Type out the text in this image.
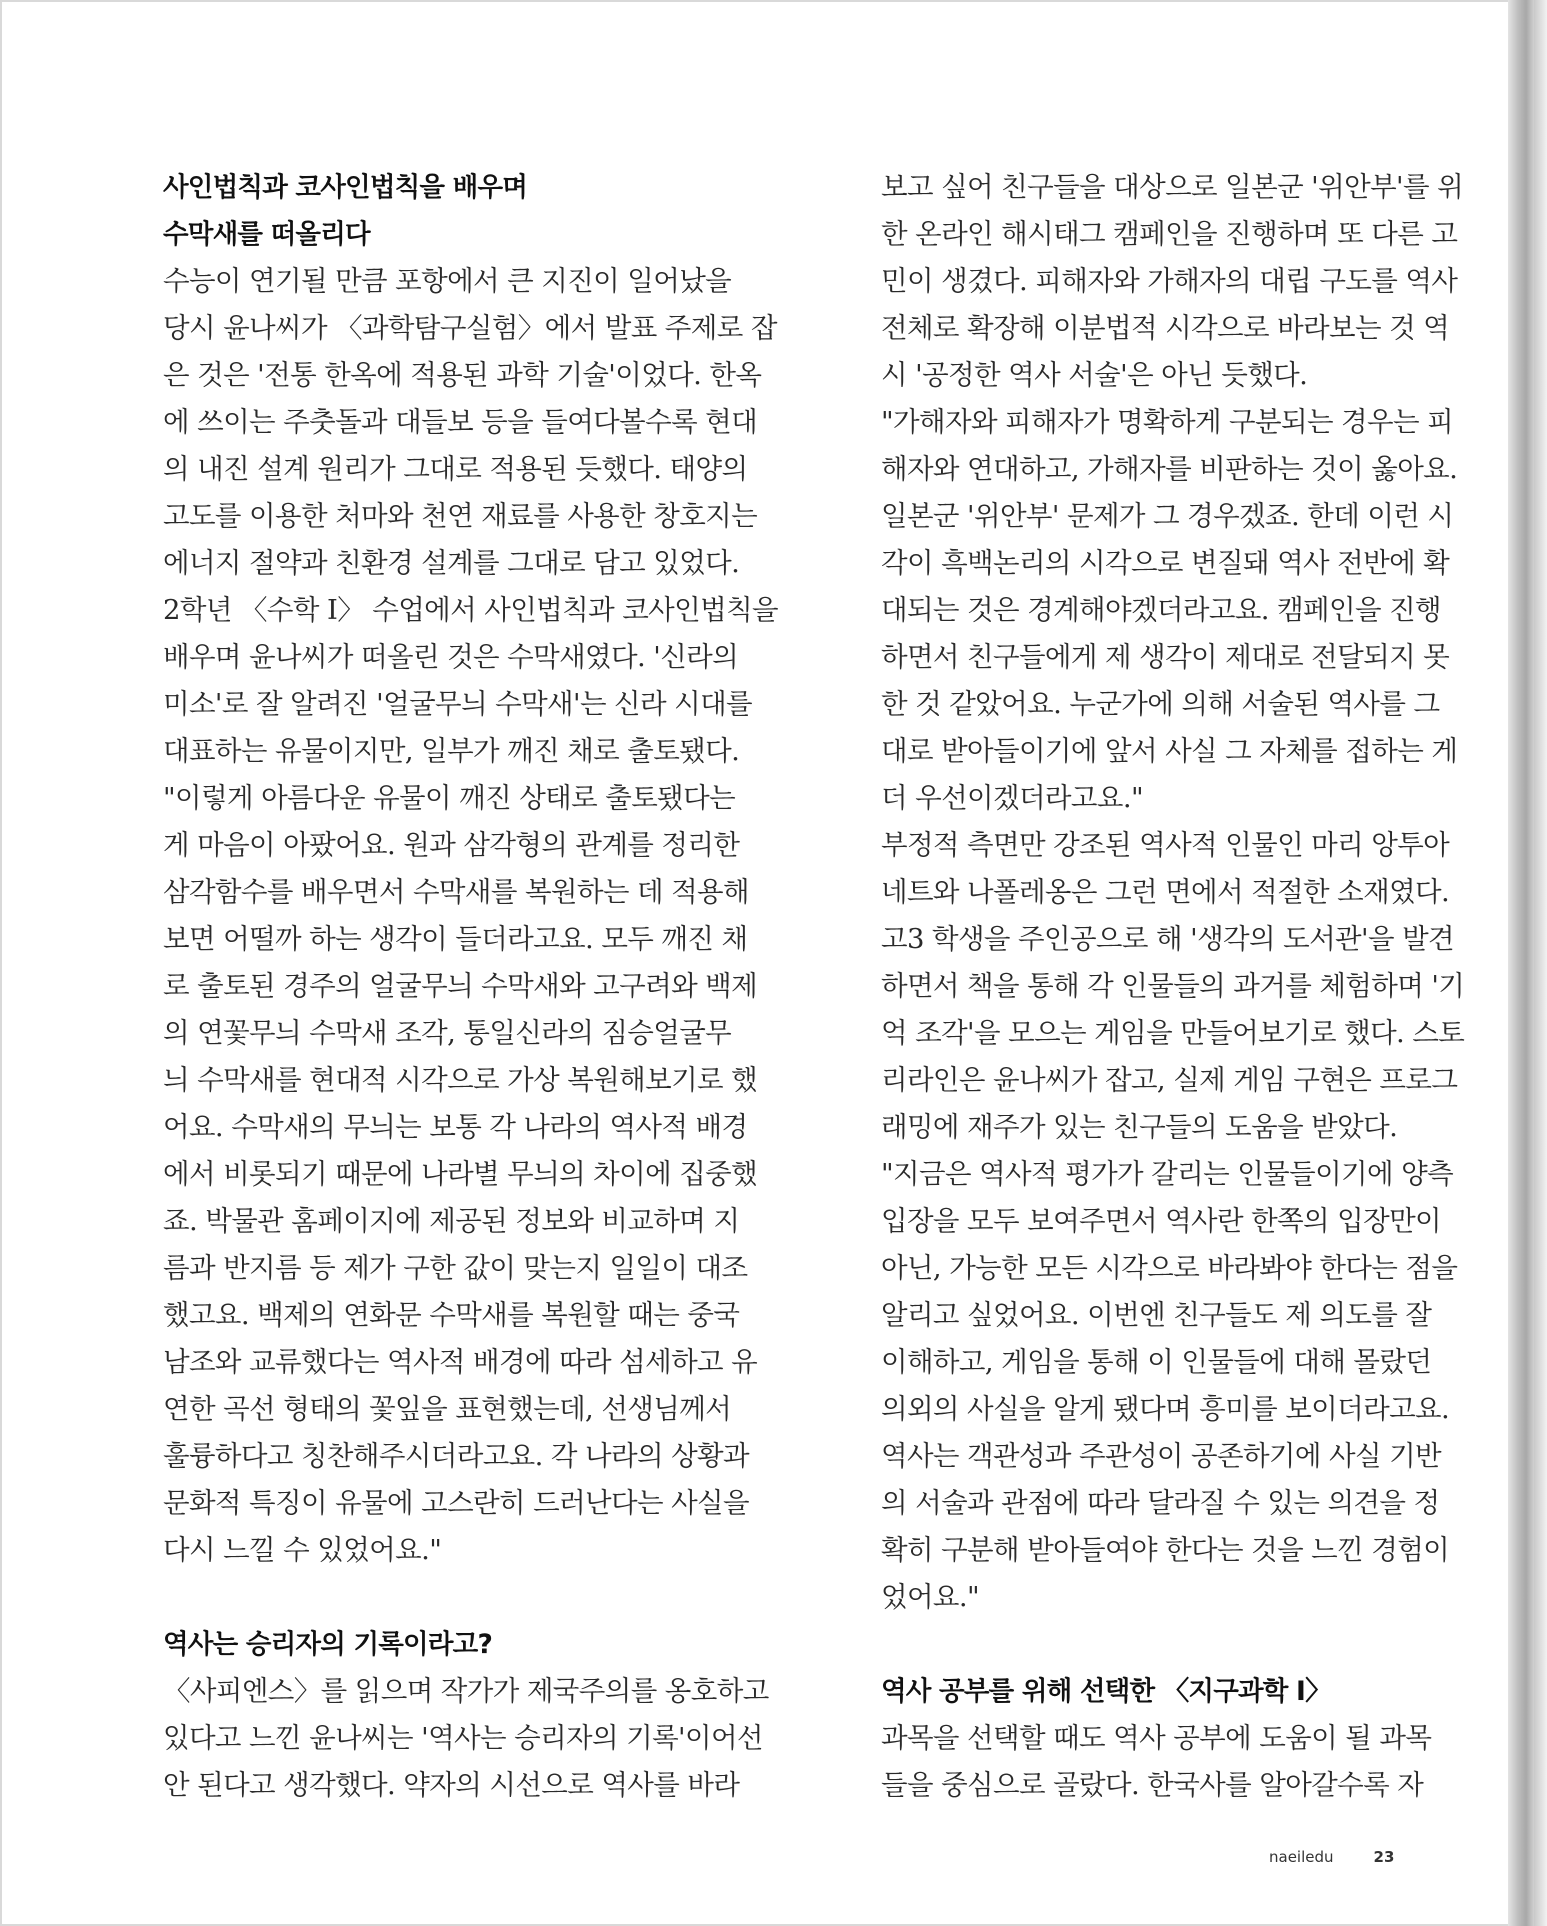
사인법칙과 코사인법칙을 배우며
수막새를 떠올리다
수능이 연기될 만큼 포항에서 큰 지진이 일어났을
당시 윤나씨가 〈과학탐구실험〉에서 발표 주제로 잡
은 것은 '전통 한옥에 적용된 과학 기술'이었다. 한옥
에 쓰이는 주춧돌과 대들보 등을 들여다볼수록 현대
의 내진 설계 원리가 그대로 적용된 듯했다. 태양의
고도를 이용한 처마와 천연 재료를 사용한 창호지는
에너지 절약과 친환경 설계를 그대로 담고 있었다.
2학년 〈수학 I〉 수업에서 사인법칙과 코사인법칙을
배우며 윤나씨가 떠올린 것은 수막새였다. '신라의
미소'로 잘 알려진 '얼굴무늬 수막새'는 신라 시대를
대표하는 유물이지만, 일부가 깨진 채로 출토됐다.
"이렇게 아름다운 유물이 깨진 상태로 출토됐다는
게 마음이 아팠어요. 원과 삼각형의 관계를 정리한
삼각함수를 배우면서 수막새를 복원하는 데 적용해
보면 어떨까 하는 생각이 들더라고요. 모두 깨진 채
로 출토된 경주의 얼굴무늬 수막새와 고구려와 백제
의 연꽃무늬 수막새 조각, 통일신라의 짐승얼굴무
늬 수막새를 현대적 시각으로 가상 복원해보기로 했
어요. 수막새의 무늬는 보통 각 나라의 역사적 배경
에서 비롯되기 때문에 나라별 무늬의 차이에 집중했
죠. 박물관 홈페이지에 제공된 정보와 비교하며 지
름과 반지름 등 제가 구한 값이 맞는지 일일이 대조
했고요. 백제의 연화문 수막새를 복원할 때는 중국
남조와 교류했다는 역사적 배경에 따라 섬세하고 유
연한 곡선 형태의 꽃잎을 표현했는데, 선생님께서
훌륭하다고 칭찬해주시더라고요. 각 나라의 상황과
문화적 특징이 유물에 고스란히 드러난다는 사실을
다시 느낄 수 있었어요."
역사는 승리자의 기록이라고?
〈사피엔스〉를 읽으며 작가가 제국주의를 옹호하고
있다고 느낀 윤나씨는 '역사는 승리자의 기록'이어선
안 된다고 생각했다. 약자의 시선으로 역사를 바라
보고 싶어 친구들을 대상으로 일본군 '위안부'를 위
한 온라인 해시태그 캠페인을 진행하며 또 다른 고
민이 생겼다. 피해자와 가해자의 대립 구도를 역사
전체로 확장해 이분법적 시각으로 바라보는 것 역
시 '공정한 역사 서술'은 아닌 듯했다.
"가해자와 피해자가 명확하게 구분되는 경우는 피
해자와 연대하고, 가해자를 비판하는 것이 옳아요.
일본군 '위안부' 문제가 그 경우겠죠. 한데 이런 시
각이 흑백논리의 시각으로 변질돼 역사 전반에 확
대되는 것은 경계해야겠더라고요. 캠페인을 진행
하면서 친구들에게 제 생각이 제대로 전달되지 못
한 것 같았어요. 누군가에 의해 서술된 역사를 그
대로 받아들이기에 앞서 사실 그 자체를 접하는 게
더 우선이겠더라고요."
부정적 측면만 강조된 역사적 인물인 마리 앙투아
네트와 나폴레옹은 그런 면에서 적절한 소재였다.
고3 학생을 주인공으로 해 '생각의 도서관'을 발견
하면서 책을 통해 각 인물들의 과거를 체험하며 '기
억 조각'을 모으는 게임을 만들어보기로 했다. 스토
리라인은 윤나씨가 잡고, 실제 게임 구현은 프로그
래밍에 재주가 있는 친구들의 도움을 받았다.
"지금은 역사적 평가가 갈리는 인물들이기에 양측
입장을 모두 보여주면서 역사란 한쪽의 입장만이
아닌, 가능한 모든 시각으로 바라봐야 한다는 점을
알리고 싶었어요. 이번엔 친구들도 제 의도를 잘
이해하고, 게임을 통해 이 인물들에 대해 몰랐던
의외의 사실을 알게 됐다며 흥미를 보이더라고요.
역사는 객관성과 주관성이 공존하기에 사실 기반
의 서술과 관점에 따라 달라질 수 있는 의견을 정
확히 구분해 받아들여야 한다는 것을 느낀 경험이
었어요."
역사 공부를 위해 선택한 〈지구과학 I〉
과목을 선택할 때도 역사 공부에 도움이 될 과목
들을 중심으로 골랐다. 한국사를 알아갈수록 자
naeiledu	23
